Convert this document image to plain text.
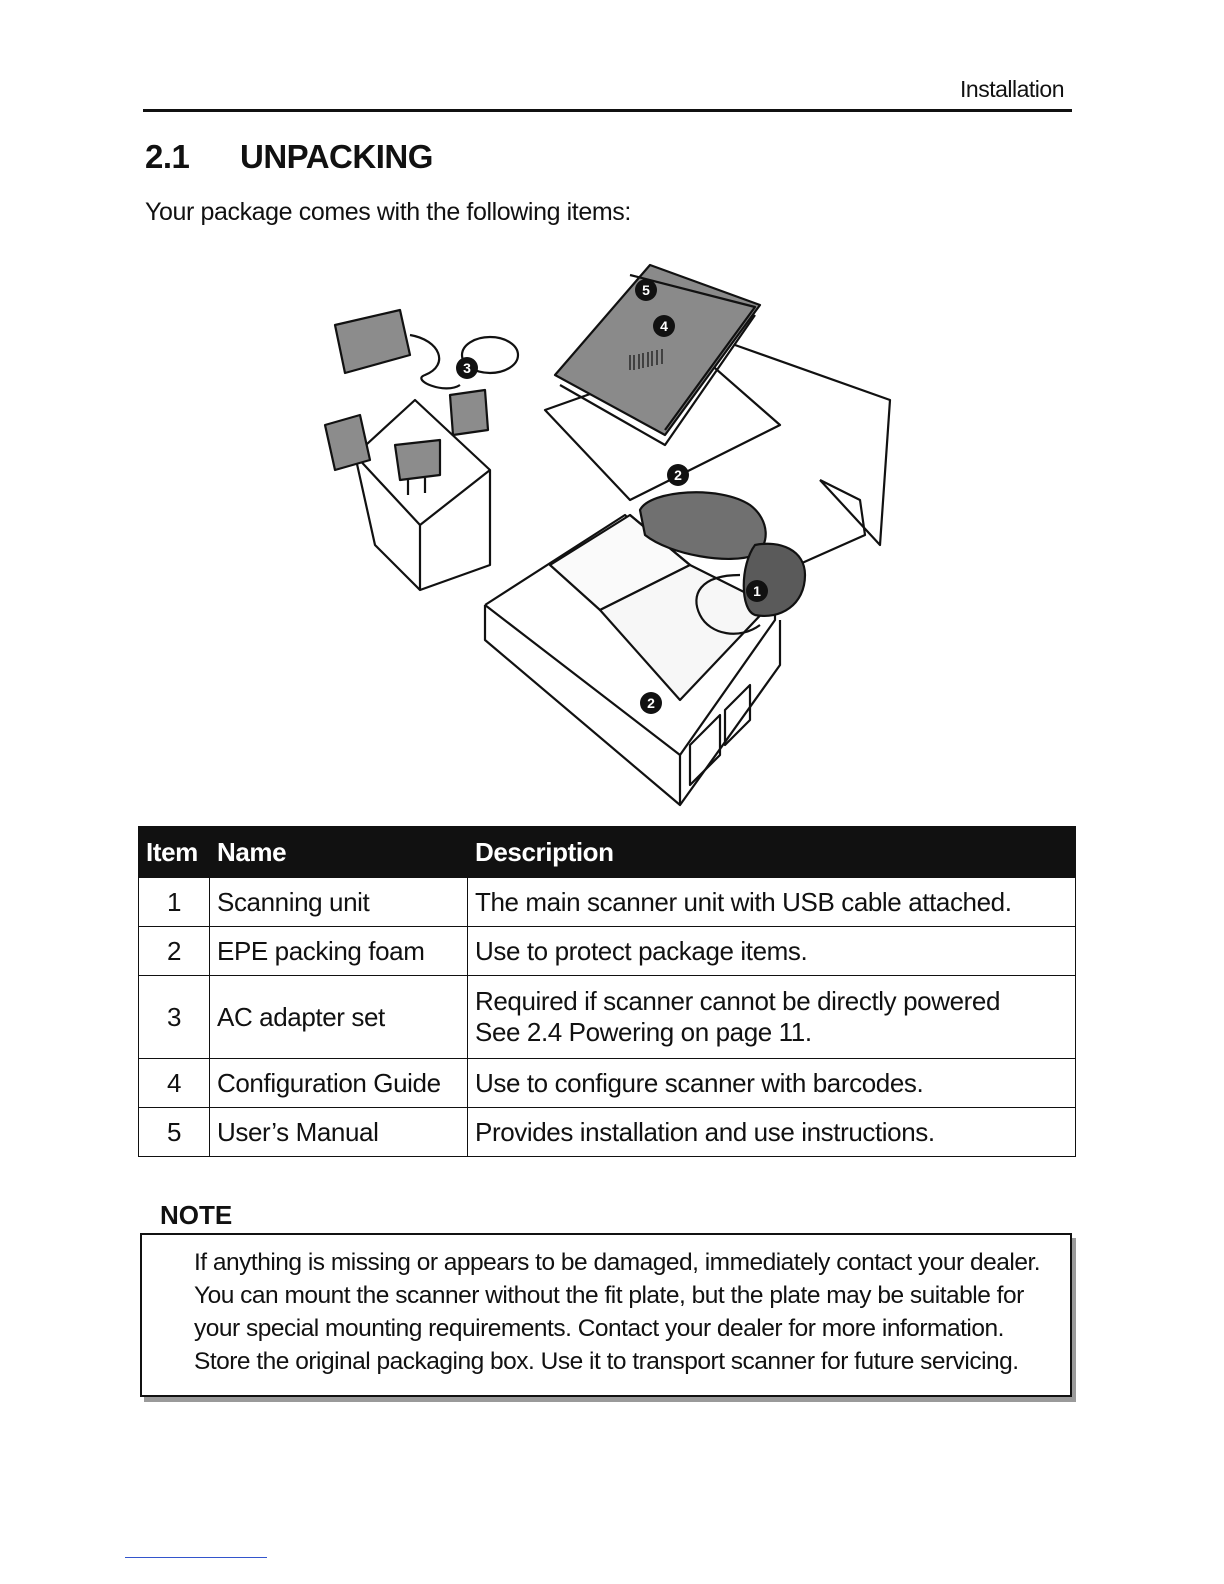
Installation
2.1 UNPACKING
Your package comes with the following items:
5
4
3
2
1
2
Item	Name	Description
1	Scanning unit	The main scanner unit with USB cable attached.
2	EPE packing foam	Use to protect package items.
3	AC adapter set	Required if scanner cannot be directly powered
See 2.4 Powering on page 11.

4	Configuration Guide	Use to configure scanner with barcodes.
5	User’s Manual	Provides installation and use instructions.
NOTE

If anything is missing or appears to be damaged, immediately contact your dealer.

You can mount the scanner without the fit plate, but the plate may be suitable for

your special mounting requirements. Contact your dealer for more information.

Store the original packaging box. Use it to transport scanner for future servicing.
